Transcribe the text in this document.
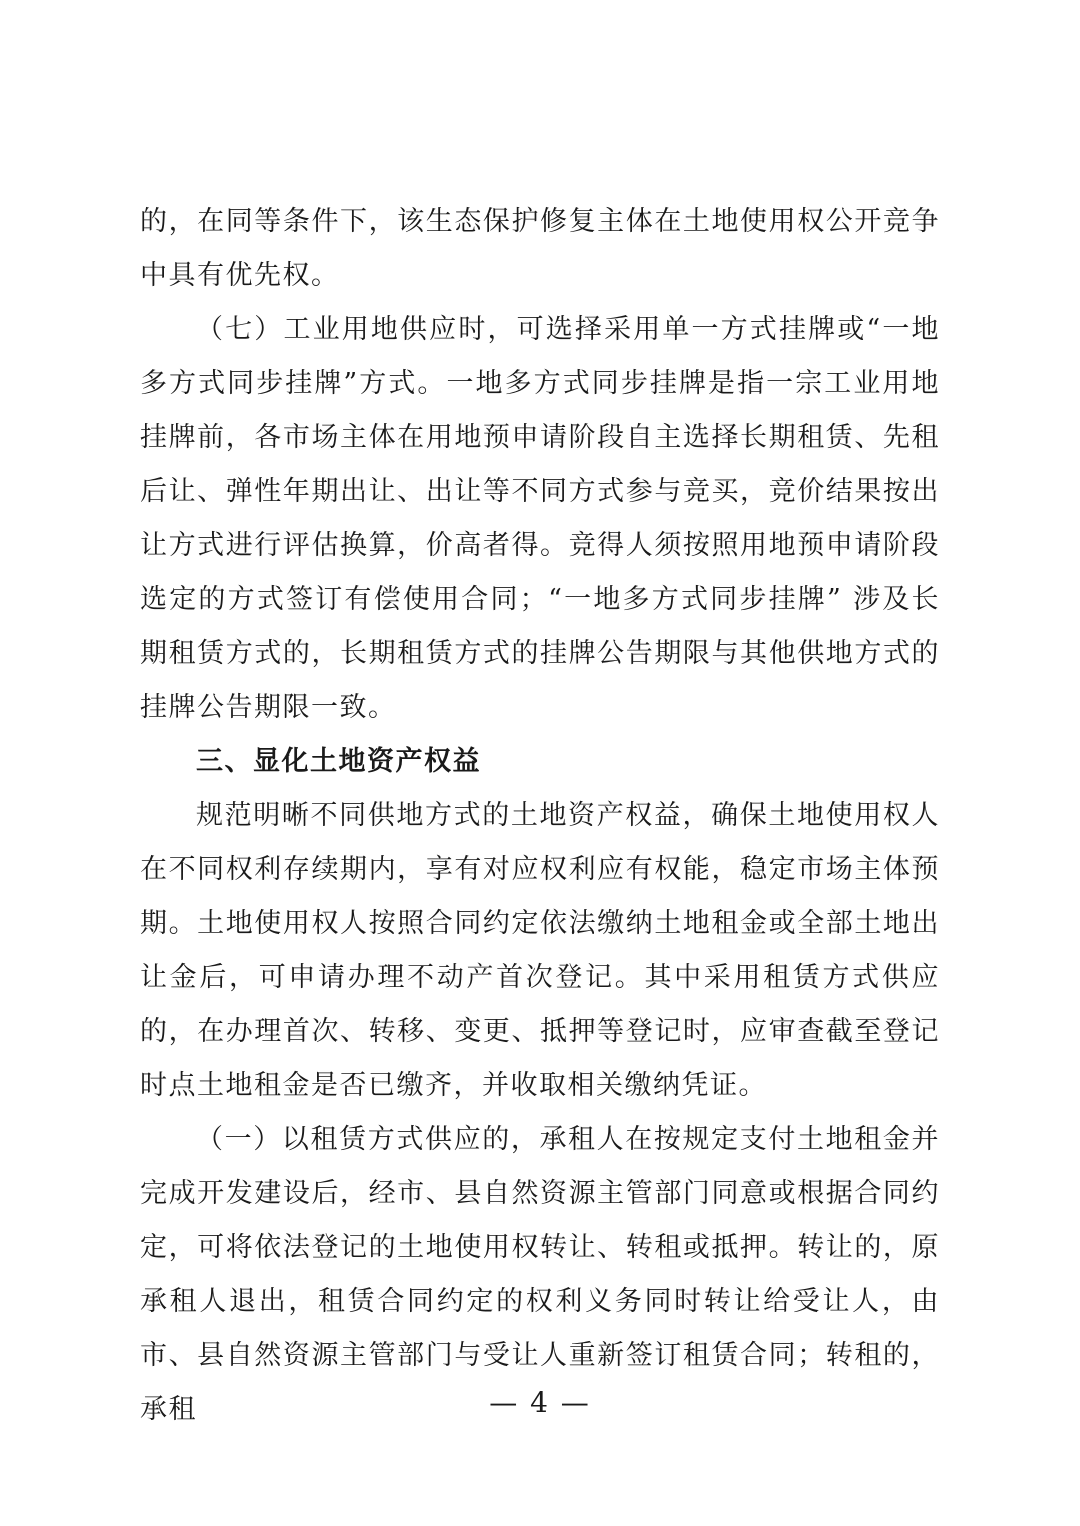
的，在同等条件下，该生态保护修复主体在土地使用权公开竞争中具有优先权。

（七）工业用地供应时，可选择采用单一方式挂牌或“一地多方式同步挂牌”方式。一地多方式同步挂牌是指一宗工业用地挂牌前，各市场主体在用地预申请阶段自主选择长期租赁、先租后让、弹性年期出让、出让等不同方式参与竞买，竞价结果按出让方式进行评估换算，价高者得。竞得人须按照用地预申请阶段选定的方式签订有偿使用合同；“一地多方式同步挂牌” 涉及长期租赁方式的，长期租赁方式的挂牌公告期限与其他供地方式的挂牌公告期限一致。

三、显化土地资产权益

规范明晰不同供地方式的土地资产权益，确保土地使用权人在不同权利存续期内，享有对应权利应有权能，稳定市场主体预期。土地使用权人按照合同约定依法缴纳土地租金或全部土地出让金后，可申请办理不动产首次登记。其中采用租赁方式供应的，在办理首次、转移、变更、抵押等登记时，应审查截至登记时点土地租金是否已缴齐，并收取相关缴纳凭证。

（一）以租赁方式供应的，承租人在按规定支付土地租金并完成开发建设后，经市、县自然资源主管部门同意或根据合同约定，可将依法登记的土地使用权转让、转租或抵押。转让的，原承租人退出，租赁合同约定的权利义务同时转让给受让人，由市、县自然资源主管部门与受让人重新签订租赁合同；转租的，承租	— 4 —
